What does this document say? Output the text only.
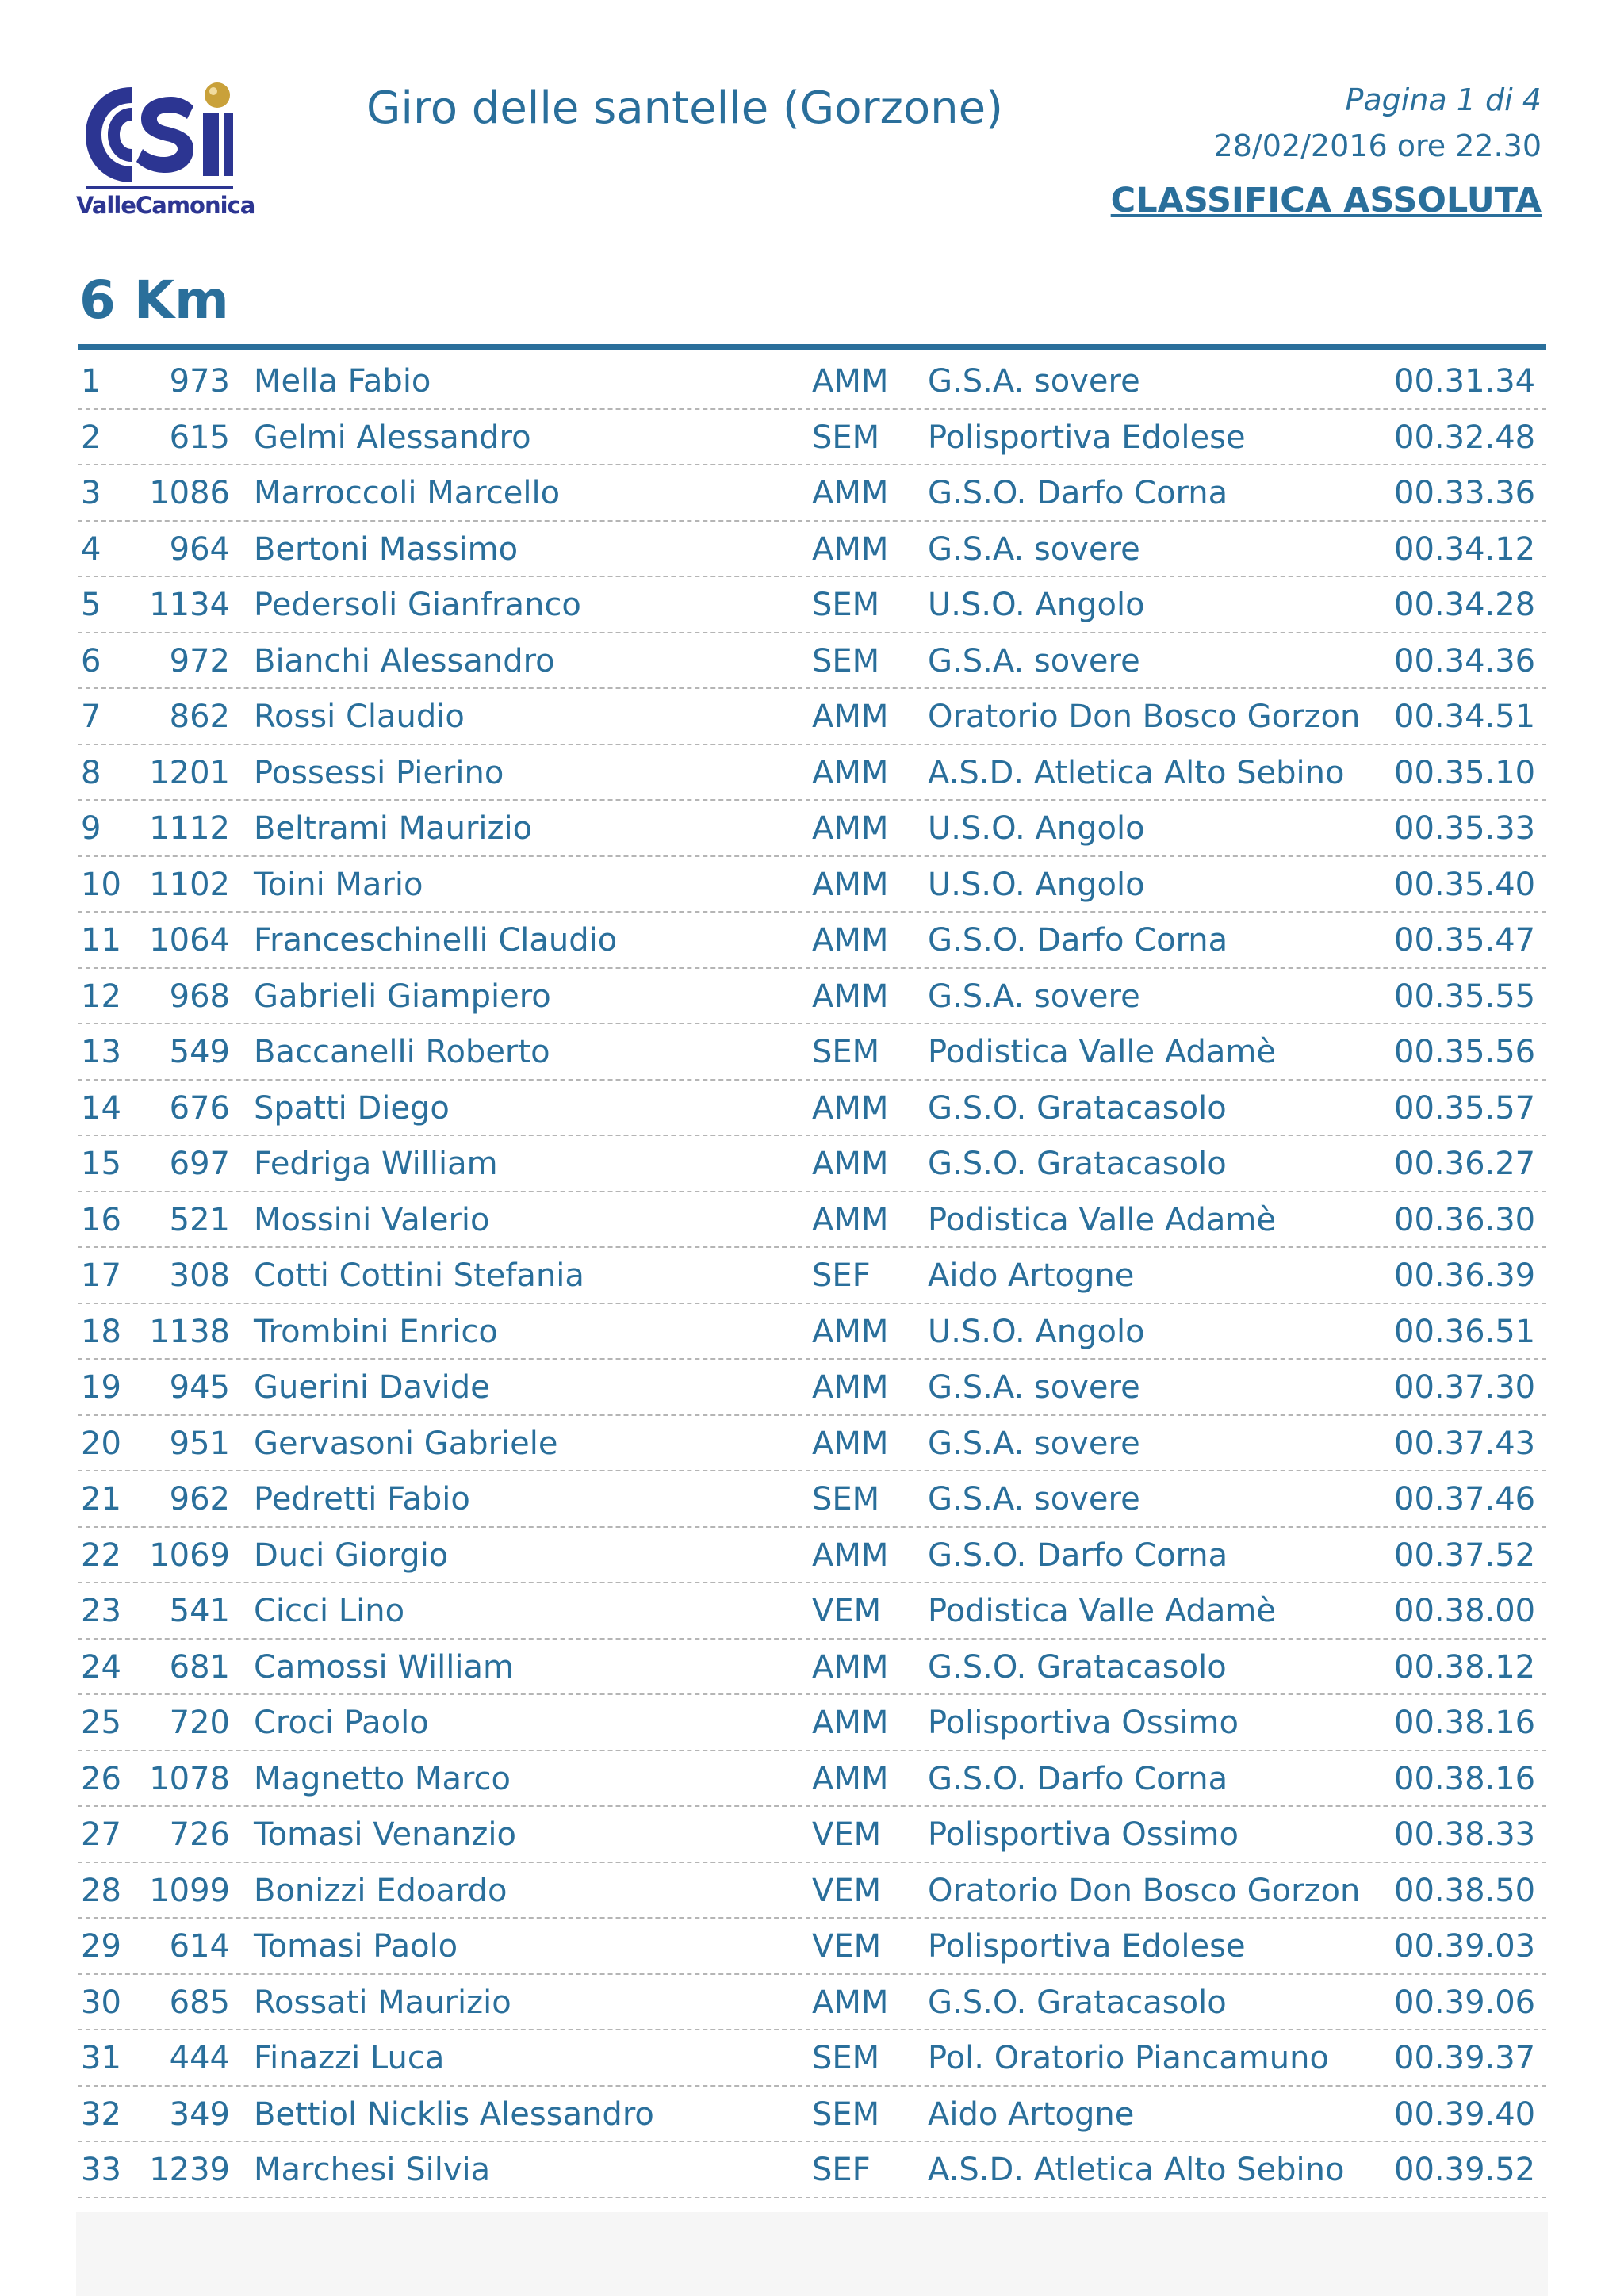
ValleCamonica
Giro delle santelle (Gorzone)	Pagina 1 di 4
28/02/2016 ore 22.30
CLASSIFICA ASSOLUTA
6 Km
1	973 Mella Fabio	AMM G.S.A. sovere	00.31.34
2	615 Gelmi Alessandro	SEM Polisportiva Edolese	00.32.48
3	1086 Marroccoli Marcello	AMM G.S.O. Darfo Corna	00.33.36
4	964 Bertoni Massimo	AMM G.S.A. sovere	00.34.12
5	1134 Pedersoli Gianfranco	SEM U.S.O. Angolo	00.34.28
6	972 Bianchi Alessandro	SEM G.S.A. sovere	00.34.36
7	862 Rossi Claudio	AMM Oratorio Don Bosco Gorzon 00.34.51
8	1201 Possessi Pierino	AMM A.S.D. Atletica Alto Sebino 00.35.10
9	1112 Beltrami Maurizio	AMM U.S.O. Angolo	00.35.33
10 1102 Toini Mario	AMM U.S.O. Angolo	00.35.40
11 1064 Franceschinelli Claudio	AMM G.S.O. Darfo Corna	00.35.47
12	968 Gabrieli Giampiero	AMM G.S.A. sovere	00.35.55
13	549 Baccanelli Roberto	SEM Podistica Valle Adamè	00.35.56
14	676 Spatti Diego	AMM G.S.O. Gratacasolo	00.35.57
15	697 Fedriga William	AMM G.S.O. Gratacasolo	00.36.27
16	521 Mossini Valerio	AMM Podistica Valle Adamè	00.36.30
17	308 Cotti Cottini Stefania	SEF Aido Artogne	00.36.39
18 1138 Trombini Enrico	AMM U.S.O. Angolo	00.36.51
19	945 Guerini Davide	AMM G.S.A. sovere	00.37.30
20	951 Gervasoni Gabriele	AMM G.S.A. sovere	00.37.43
21	962 Pedretti Fabio	SEM G.S.A. sovere	00.37.46
22 1069 Duci Giorgio	AMM G.S.O. Darfo Corna	00.37.52
23	541 Cicci Lino	VEM Podistica Valle Adamè	00.38.00
24	681 Camossi William	AMM G.S.O. Gratacasolo	00.38.12
25	720 Croci Paolo	AMM Polisportiva Ossimo	00.38.16
26 1078 Magnetto Marco	AMM G.S.O. Darfo Corna	00.38.16
27	726 Tomasi Venanzio	VEM Polisportiva Ossimo	00.38.33
28 1099 Bonizzi Edoardo	VEM Oratorio Don Bosco Gorzon 00.38.50
29	614 Tomasi Paolo	VEM Polisportiva Edolese	00.39.03
30	685 Rossati Maurizio	AMM G.S.O. Gratacasolo	00.39.06
31	444 Finazzi Luca	SEM Pol. Oratorio Piancamuno 00.39.37
32	349 Bettiol Nicklis Alessandro	SEM Aido Artogne	00.39.40
33 1239 Marchesi Silvia	SEF A.S.D. Atletica Alto Sebino 00.39.52
